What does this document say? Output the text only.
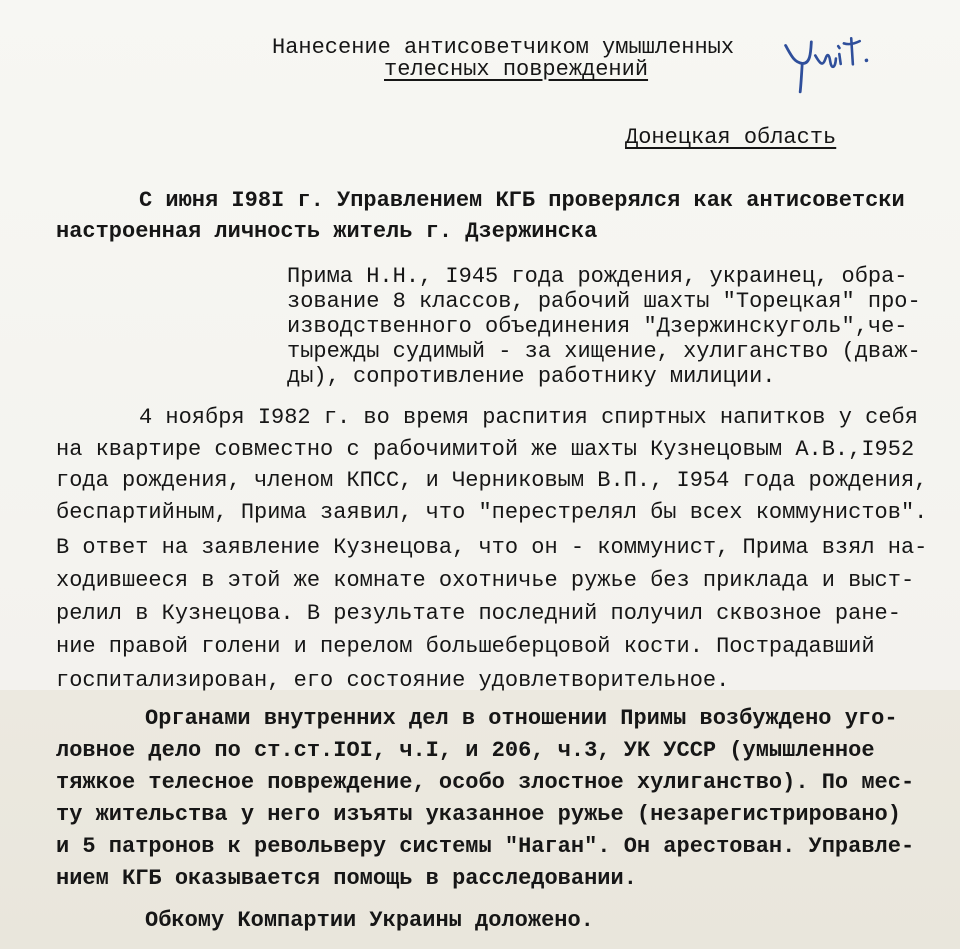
Нанесение антисоветчиком умышленных
телесных повреждений
Донецкая область
С июня I98I г. Управлением КГБ проверялся как антисоветски
настроенная личность житель г. Дзержинска
Прима Н.Н., I945 года рождения, украинец, обра-
зование 8 классов, рабочий шахты "Торецкая" про-
изводственного объединения "Дзержинскуголь",че-
тырежды судимый - за хищение, хулиганство (дваж-
ды), сопротивление работнику милиции.
4 ноября I982 г. во время распития спиртных напитков у себя
на квартире совместно с рабочимитой же шахты Кузнецовым А.В.,I952
года рождения, членом КПСС, и Черниковым В.П., I954 года рождения,
беспартийным, Прима заявил, что "перестрелял бы всех коммунистов".
В ответ на заявление Кузнецова, что он - коммунист, Прима взял на-
ходившееся в этой же комнате охотничье ружье без приклада и выст-
релил в Кузнецова. В результате последний получил сквозное ране-
ние правой голени и перелом большеберцовой кости. Пострадавший
госпитализирован, его состояние удовлетворительное.
Органами внутренних дел в отношении Примы возбуждено уго-
ловное дело по ст.ст.IOI, ч.I, и 206, ч.3, УК УССР (умышленное
тяжкое телесное повреждение, особо злостное хулиганство). По мес-
ту жительства у него изъяты указанное ружье (незарегистрировано)
и 5 патронов к револьверу системы "Наган". Он арестован. Управле-
нием КГБ оказывается помощь в расследовании.
Обкому Компартии Украины доложено.
